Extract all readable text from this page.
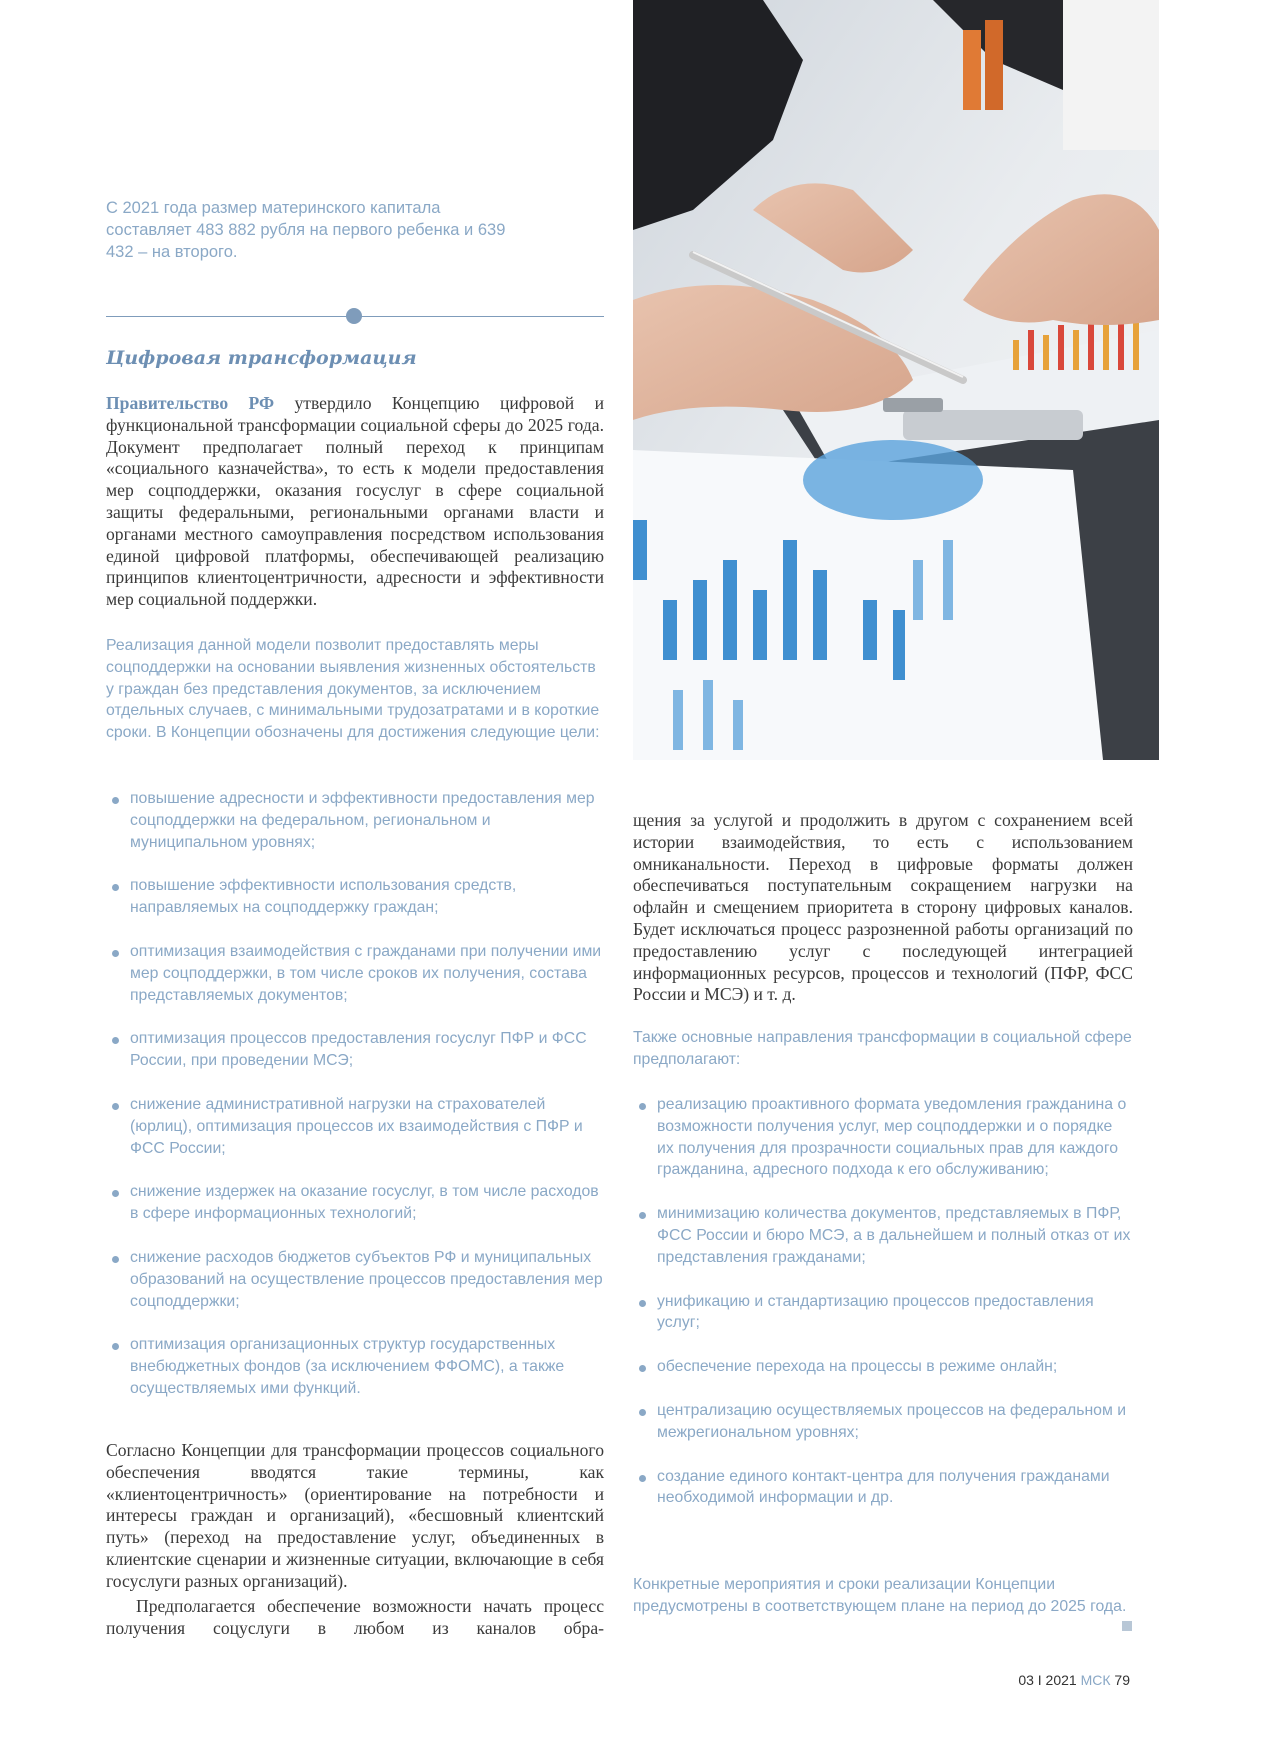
С 2021 года размер материнского капитала составляет 483 882 рубля на первого ребенка и 639 432 – на второго.
Цифровая трансформация
Правительство РФ утвердило Концепцию цифровой и функциональной трансформации социальной сферы до 2025 года. Документ предполагает полный переход к принципам «социального казначейства», то есть к модели предоставления мер соцподдержки, оказания госуслуг в сфере социальной защиты федеральными, региональными органами власти и органами местного самоуправления посредством использования единой цифровой платформы, обеспечивающей реализацию принципов клиентоцентричности, адресности и эффективности мер социальной поддержки.
Реализация данной модели позволит предоставлять меры соцподдержки на основании выявления жизненных обстоятельств у граждан без представления документов, за исключением отдельных случаев, с минимальными трудозатратами и в короткие сроки. В Концепции обозначены для достижения следующие цели:
повышение адресности и эффективности предоставления мер соцподдержки на федеральном, региональном и муниципальном уровнях;
повышение эффективности использования средств, направляемых на соцподдержку граждан;
оптимизация взаимодействия с гражданами при получении ими мер соцподдержки, в том числе сроков их получения, состава представляемых документов;
оптимизация процессов предоставления госуслуг ПФР и ФСС России, при проведении МСЭ;
снижение административной нагрузки на страхователей (юрлиц), оптимизация процессов их взаимодействия с ПФР и ФСС России;
снижение издержек на оказание госуслуг, в том числе расходов в сфере информационных технологий;
снижение расходов бюджетов субъектов РФ и муниципальных образований на осуществление процессов предоставления мер соцподдержки;
оптимизация организационных структур государственных внебюджетных фондов (за исключением ФФОМС), а также осуществляемых ими функций.
Согласно Концепции для трансформации процессов социального обеспечения вводятся такие термины, как «клиентоцентричность» (ориентирование на потребности и интересы граждан и организаций), «бесшовный клиентский путь» (переход на предоставление услуг, объединенных в клиентские сценарии и жизненные ситуации, включающие в себя госуслуги разных организаций).
Предполагается обеспечение возможности начать процесс получения соцуслуги в любом из каналов обра-
щения за услугой и продолжить в другом с сохранением всей истории взаимодействия, то есть с использованием омниканальности. Переход в цифровые форматы должен обеспечиваться поступательным сокращением нагрузки на офлайн и смещением приоритета в сторону цифровых каналов. Будет исключаться процесс разрозненной работы организаций по предоставлению услуг с последующей интеграцией информационных ресурсов, процессов и технологий (ПФР, ФСС России и МСЭ) и т. д.
Также основные направления трансформации в социальной сфере предполагают:
реализацию проактивного формата уведомления гражданина о возможности получения услуг, мер соцподдержки и о порядке их получения для прозрачности социальных прав для каждого гражданина, адресного подхода к его обслуживанию;
минимизацию количества документов, представляемых в ПФР, ФСС России и бюро МСЭ, а в дальнейшем и полный отказ от их представления гражданами;
унификацию и стандартизацию процессов предоставления услуг;
обеспечение перехода на процессы в режиме онлайн;
централизацию осуществляемых процессов на федеральном и межрегиональном уровнях;
создание единого контакт-центра для получения гражданами необходимой информации и др.
Конкретные мероприятия и сроки реализации Концепции предусмотрены в соответствующем плане на период до 2025 года.
03 I 2021 МСК 79
